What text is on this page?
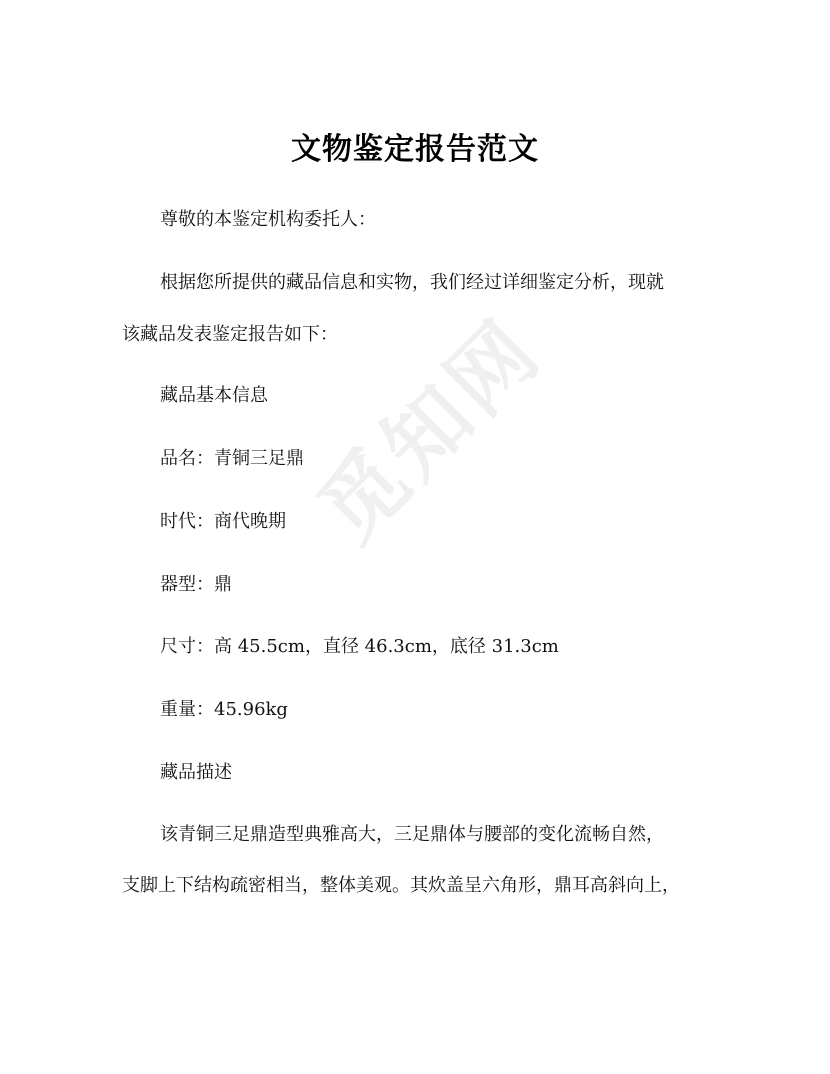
觅知网
文物鉴定报告范文
尊敬的本鉴定机构委托人：
根据您所提供的藏品信息和实物，我们经过详细鉴定分析，现就
该藏品发表鉴定报告如下：
藏品基本信息
品名：青铜三足鼎
时代：商代晚期
器型：鼎
尺寸：高 45.5cm，直径 46.3cm，底径 31.3cm
重量：45.96kg
藏品描述
该青铜三足鼎造型典雅高大，三足鼎体与腰部的变化流畅自然，
支脚上下结构疏密相当，整体美观。其炊盖呈六角形，鼎耳高斜向上，
